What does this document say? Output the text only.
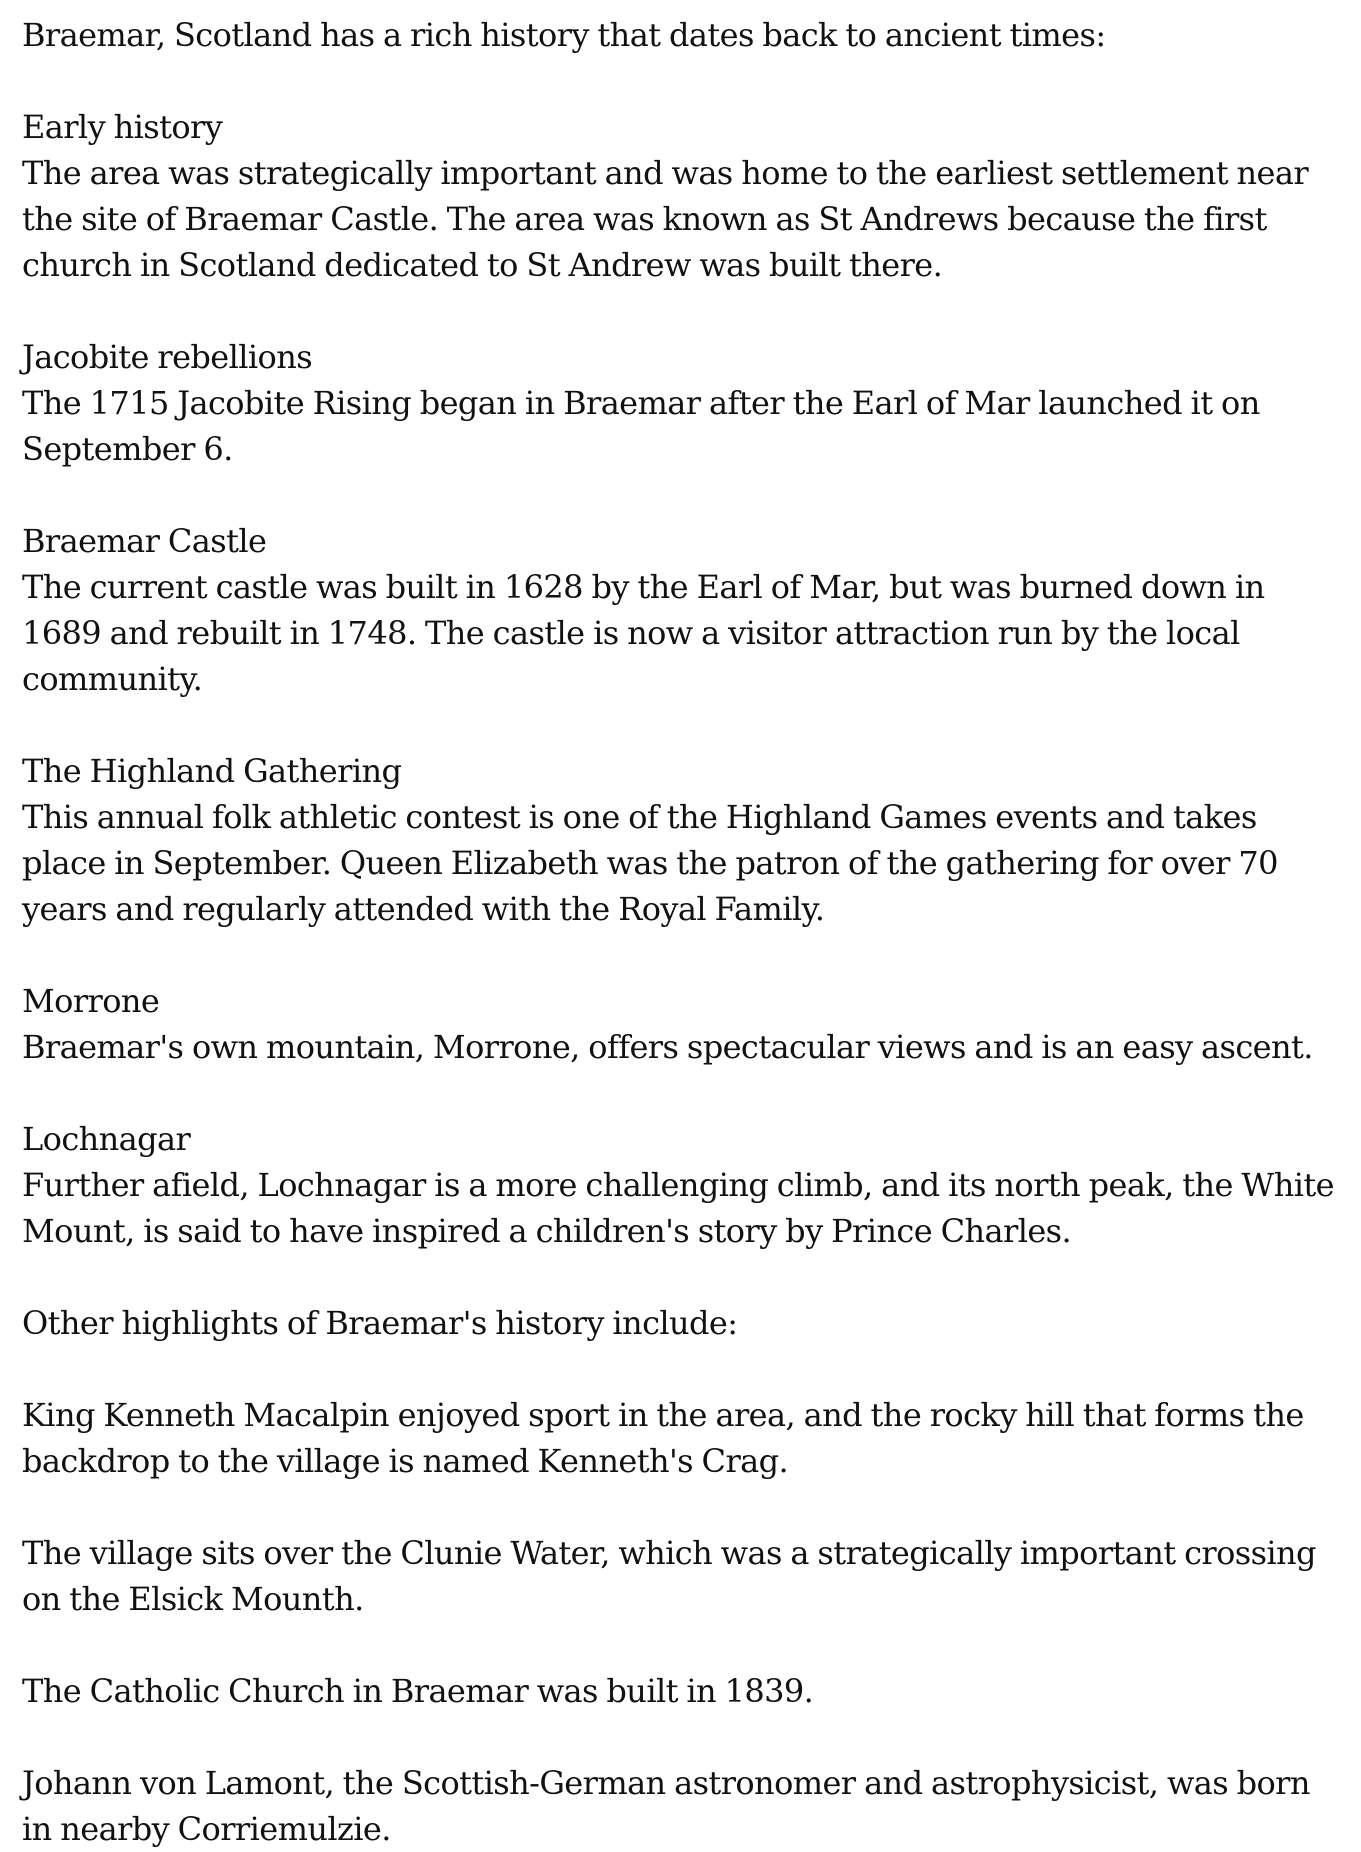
Braemar, Scotland has a rich history that dates back to ancient times:

Early history

The area was strategically important and was home to the earliest settlement near the site of Braemar Castle. The area was known as St Andrews because the first church in Scotland dedicated to St Andrew was built there.

Jacobite rebellions

The 1715 Jacobite Rising began in Braemar after the Earl of Mar launched it on September 6.

Braemar Castle

The current castle was built in 1628 by the Earl of Mar, but was burned down in 1689 and rebuilt in 1748. The castle is now a visitor attraction run by the local community.

The Highland Gathering

This annual folk athletic contest is one of the Highland Games events and takes place in September. Queen Elizabeth was the patron of the gathering for over 70 years and regularly attended with the Royal Family.

Morrone

Braemar's own mountain, Morrone, offers spectacular views and is an easy ascent.

Lochnagar

Further afield, Lochnagar is a more challenging climb, and its north peak, the White Mount, is said to have inspired a children's story by Prince Charles.

Other highlights of Braemar's history include:

King Kenneth Macalpin enjoyed sport in the area, and the rocky hill that forms the backdrop to the village is named Kenneth's Crag.

The village sits over the Clunie Water, which was a strategically important crossing on the Elsick Mounth.

The Catholic Church in Braemar was built in 1839.

Johann von Lamont, the Scottish-German astronomer and astrophysicist, was born in nearby Corriemulzie.
